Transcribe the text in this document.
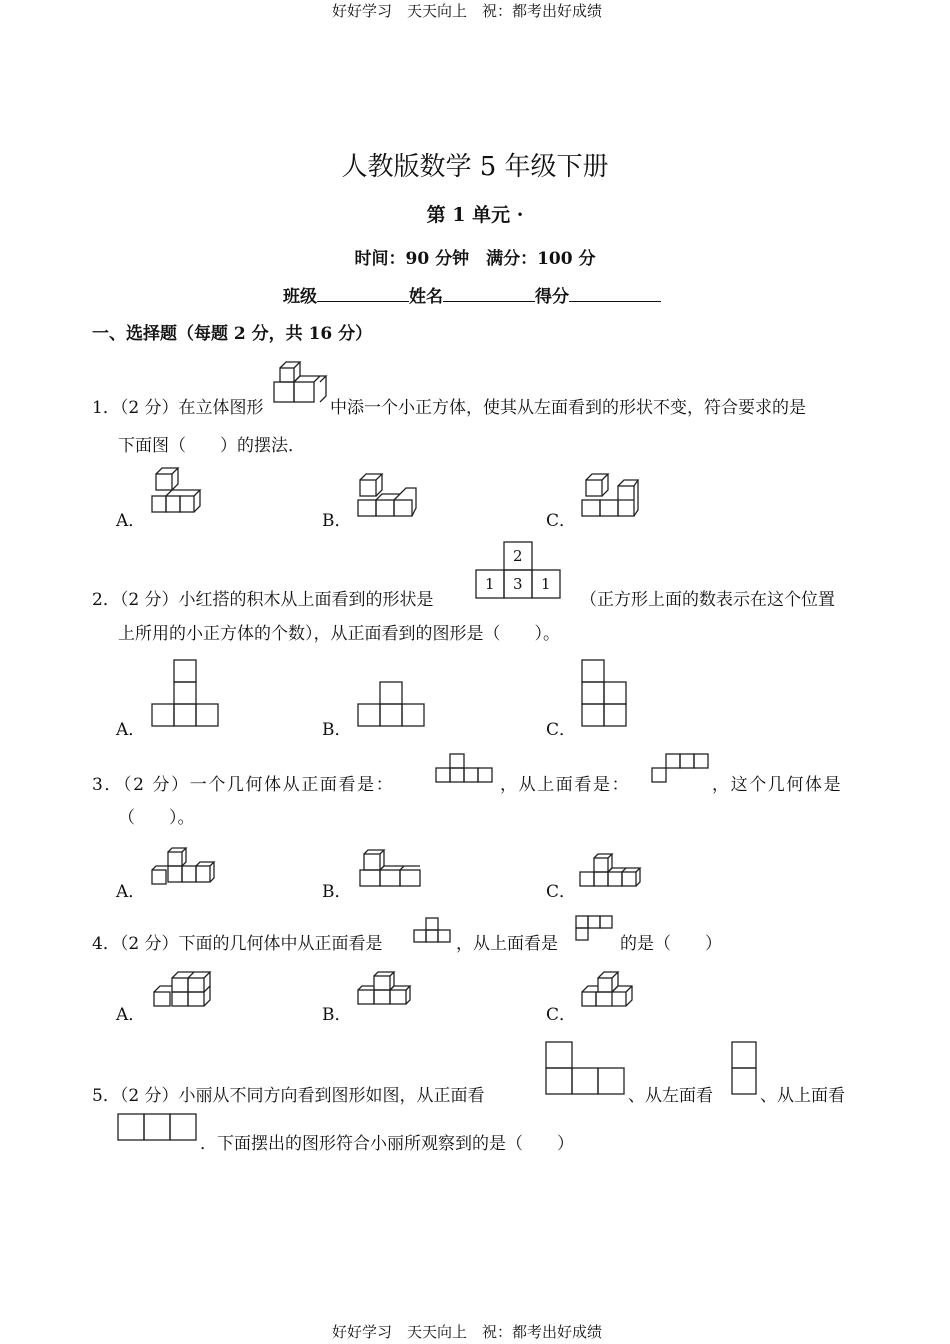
好好学习　天天向上　祝：都考出好成绩
好好学习　天天向上　祝：都考出好成绩
人教版数学 5 年级下册
第 1 单元 ·
时间：90 分钟　 满分：100 分
班级	姓名	得分
一、选择题（每题 2 分，共 16 分）
1．（2 分）在立体图形	中添一个小正方体，使其从左面看到的形状不变，符合要求的是
下面图（　　）的摆法．
A．	B．	C．
2．（2 分）小红搭的积木从上面看到的形状是
2
1 3 1
（正方形上面的数表示在这个位置
上所用的小正方体的个数），从正面看到的图形是（　　）。
A．	B．	C．
3．（2 分）一个几何体从正面看是：	，从上面看是：	，这个几何体是
（　　）。
A．	B．	C．
4．（2 分）下面的几何体中从正面看是	，从上面看是	的是（　　）
A．	B．	C．
5．（2 分）小丽从不同方向看到图形如图，从正面看	、从左面看	、从上面看
．下面摆出的图形符合小丽所观察到的是（　　）
